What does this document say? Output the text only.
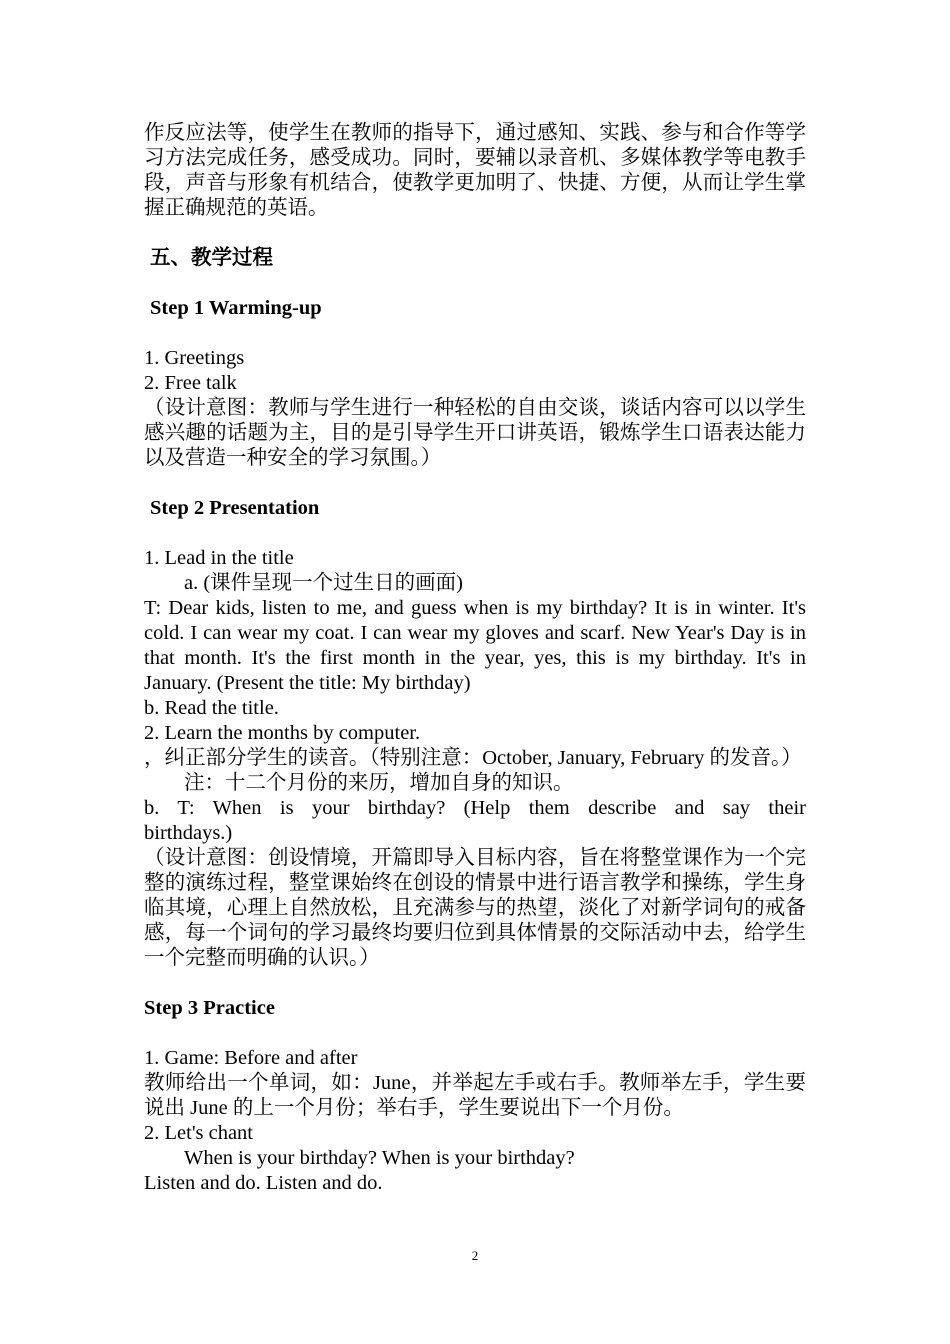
作反应法等，使学生在教师的指导下，通过感知、实践、参与和合作等学习方法完成任务，感受成功。同时，要辅以录音机、多媒体教学等电教手段，声音与形象有机结合，使教学更加明了、快捷、方便，从而让学生掌握正确规范的英语。

五、教学过程

Step 1 Warming-up

1. Greetings

2. Free talk

（设计意图：教师与学生进行一种轻松的自由交谈，谈话内容可以以学生感兴趣的话题为主，目的是引导学生开口讲英语，锻炼学生口语表达能力以及营造一种安全的学习氛围。）

Step 2 Presentation

1. Lead in the title

a. (课件呈现一个过生日的画面)

T: Dear kids, listen to me, and guess when is my birthday? It is in winter. It's cold. I can wear my coat. I can wear my gloves and scarf. New Year's Day is in that month. It's the first month in the year, yes, this is my birthday. It's in January. (Present the title: My birthday)

b. Read the title.

2. Learn the months by computer.

，纠正部分学生的读音。（特别注意：October, January, February 的发音。）

注：十二个月份的来历，增加自身的知识。

b. T: When is your birthday? (Help them describe and say their birthdays.)

（设计意图：创设情境，开篇即导入目标内容，旨在将整堂课作为一个完整的演练过程，整堂课始终在创设的情景中进行语言教学和操练，学生身临其境，心理上自然放松，且充满参与的热望，淡化了对新学词句的戒备感，每一个词句的学习最终均要归位到具体情景的交际活动中去，给学生一个完整而明确的认识。）

Step 3 Practice

1. Game: Before and after

教师给出一个单词，如：June，并举起左手或右手。教师举左手，学生要说出 June 的上一个月份；举右手，学生要说出下一个月份。

2. Let's chant

When is your birthday? When is your birthday?

Listen and do. Listen and do.

2
